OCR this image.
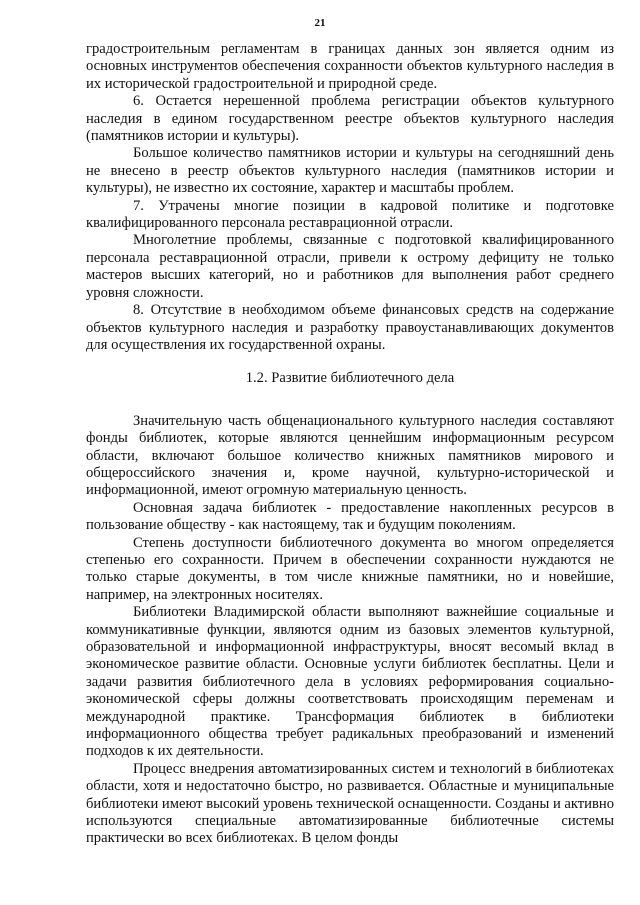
21

градостроительным регламентам в границах данных зон является одним из основных инструментов обеспечения сохранности объектов культурного наследия в их исторической градостроительной и природной среде.

6. Остается нерешенной проблема регистрации объектов культурного наследия в едином государственном реестре объектов культурного наследия (памятников истории и культуры).

Большое количество памятников истории и культуры на сегодняшний день не внесено в реестр объектов культурного наследия (памятников истории и культуры), не известно их состояние, характер и масштабы проблем.

7. Утрачены многие позиции в кадровой политике и подготовке квалифицированного персонала реставрационной отрасли.

Многолетние проблемы, связанные с подготовкой квалифицированного персонала реставрационной отрасли, привели к острому дефициту не только мастеров высших категорий, но и работников для выполнения работ среднего уровня сложности.

8. Отсутствие в необходимом объеме финансовых средств на содержание объектов культурного наследия и разработку правоустанавливающих документов для осуществления их государственной охраны.

1.2. Развитие библиотечного дела

Значительную часть общенационального культурного наследия составляют фонды библиотек, которые являются ценнейшим информационным ресурсом области, включают большое количество книжных памятников мирового и общероссийского значения и, кроме научной, культурно-исторической и информационной, имеют огромную материальную ценность.

Основная задача библиотек - предоставление накопленных ресурсов в пользование обществу - как настоящему, так и будущим поколениям.

Степень доступности библиотечного документа во многом определяется степенью его сохранности. Причем в обеспечении сохранности нуждаются не только старые документы, в том числе книжные памятники, но и новейшие, например, на электронных носителях.

Библиотеки Владимирской области выполняют важнейшие социальные и коммуникативные функции, являются одним из базовых элементов культурной, образовательной и информационной инфраструктуры, вносят весомый вклад в экономическое развитие области. Основные услуги библиотек бесплатны. Цели и задачи развития библиотечного дела в условиях реформирования социально-экономической сферы должны соответствовать происходящим переменам и международной практике. Трансформация библиотек в библиотеки информационного общества требует радикальных преобразований и изменений подходов к их деятельности.

Процесс внедрения автоматизированных систем и технологий в библиотеках области, хотя и недостаточно быстро, но развивается. Областные и муниципальные библиотеки имеют высокий уровень технической оснащенности. Созданы и активно используются специальные автоматизированные библиотечные системы практически во всех библиотеках. В целом фонды
